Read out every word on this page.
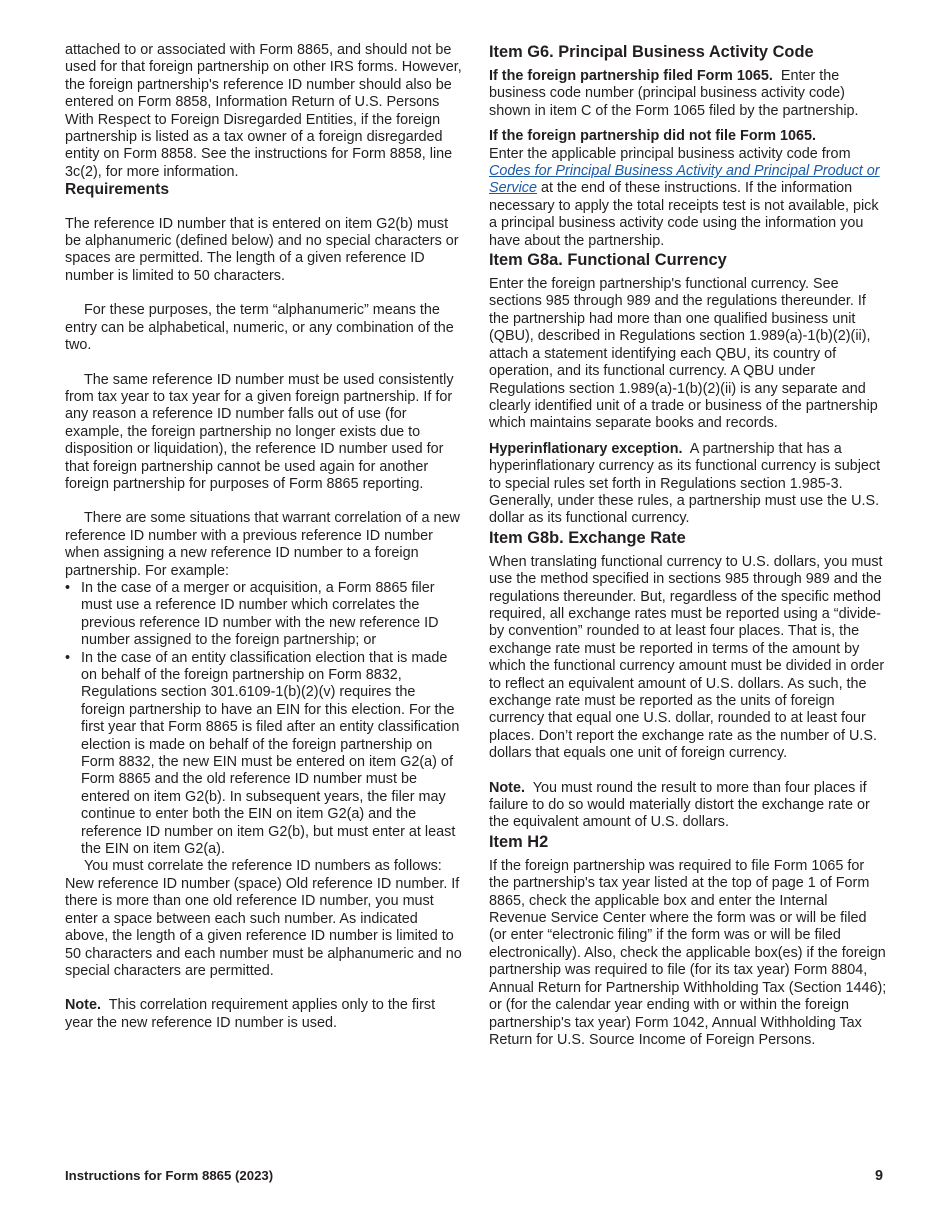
attached to or associated with Form 8865, and should not be used for that foreign partnership on other IRS forms. However, the foreign partnership's reference ID number should also be entered on Form 8858, Information Return of U.S. Persons With Respect to Foreign Disregarded Entities, if the foreign partnership is listed as a tax owner of a foreign disregarded entity on Form 8858. See the instructions for Form 8858, line 3c(2), for more information.

Requirements

The reference ID number that is entered on item G2(b) must be alphanumeric (defined below) and no special characters or spaces are permitted. The length of a given reference ID number is limited to 50 characters.

For these purposes, the term “alphanumeric” means the entry can be alphabetical, numeric, or any combination of the two.

The same reference ID number must be used consistently from tax year to tax year for a given foreign partnership. If for any reason a reference ID number falls out of use (for example, the foreign partnership no longer exists due to disposition or liquidation), the reference ID number used for that foreign partnership cannot be used again for another foreign partnership for purposes of Form 8865 reporting.

There are some situations that warrant correlation of a new reference ID number with a previous reference ID number when assigning a new reference ID number to a foreign partnership. For example:

• In the case of a merger or acquisition, a Form 8865 filer must use a reference ID number which correlates the previous reference ID number with the new reference ID number assigned to the foreign partnership; or
• In the case of an entity classification election that is made on behalf of the foreign partnership on Form 8832, Regulations section 301.6109-1(b)(2)(v) requires the foreign partnership to have an EIN for this election. For the first year that Form 8865 is filed after an entity classification election is made on behalf of the foreign partnership on Form 8832, the new EIN must be entered on item G2(a) of Form 8865 and the old reference ID number must be entered on item G2(b). In subsequent years, the filer may continue to enter both the EIN on item G2(a) and the reference ID number on item G2(b), but must enter at least the EIN on item G2(a).

You must correlate the reference ID numbers as follows: New reference ID number (space) Old reference ID number. If there is more than one old reference ID number, you must enter a space between each such number. As indicated above, the length of a given reference ID number is limited to 50 characters and each number must be alphanumeric and no special characters are permitted.

Note. This correlation requirement applies only to the first year the new reference ID number is used.

Item G6. Principal Business Activity Code

If the foreign partnership filed Form 1065. Enter the business code number (principal business activity code) shown in item C of the Form 1065 filed by the partnership.

If the foreign partnership did not file Form 1065.
Enter the applicable principal business activity code from Codes for Principal Business Activity and Principal Product or Service at the end of these instructions. If the information necessary to apply the total receipts test is not available, pick a principal business activity code using the information you have about the partnership.

Item G8a. Functional Currency

Enter the foreign partnership's functional currency. See sections 985 through 989 and the regulations thereunder. If the partnership had more than one qualified business unit (QBU), described in Regulations section 1.989(a)-1(b)(2)(ii), attach a statement identifying each QBU, its country of operation, and its functional currency. A QBU under Regulations section 1.989(a)-1(b)(2)(ii) is any separate and clearly identified unit of a trade or business of the partnership which maintains separate books and records.

Hyperinflationary exception. A partnership that has a hyperinflationary currency as its functional currency is subject to special rules set forth in Regulations section 1.985-3. Generally, under these rules, a partnership must use the U.S. dollar as its functional currency.

Item G8b. Exchange Rate

When translating functional currency to U.S. dollars, you must use the method specified in sections 985 through 989 and the regulations thereunder. But, regardless of the specific method required, all exchange rates must be reported using a “divide-by convention” rounded to at least four places. That is, the exchange rate must be reported in terms of the amount by which the functional currency amount must be divided in order to reflect an equivalent amount of U.S. dollars. As such, the exchange rate must be reported as the units of foreign currency that equal one U.S. dollar, rounded to at least four places. Don’t report the exchange rate as the number of U.S. dollars that equals one unit of foreign currency.

Note. You must round the result to more than four places if failure to do so would materially distort the exchange rate or the equivalent amount of U.S. dollars.

Item H2

If the foreign partnership was required to file Form 1065 for the partnership's tax year listed at the top of page 1 of Form 8865, check the applicable box and enter the Internal Revenue Service Center where the form was or will be filed (or enter “electronic filing” if the form was or will be filed electronically). Also, check the applicable box(es) if the foreign partnership was required to file (for its tax year) Form 8804, Annual Return for Partnership Withholding Tax (Section 1446); or (for the calendar year ending with or within the foreign partnership's tax year) Form 1042, Annual Withholding Tax Return for U.S. Source Income of Foreign Persons.

Instructions for Form 8865 (2023)	9
